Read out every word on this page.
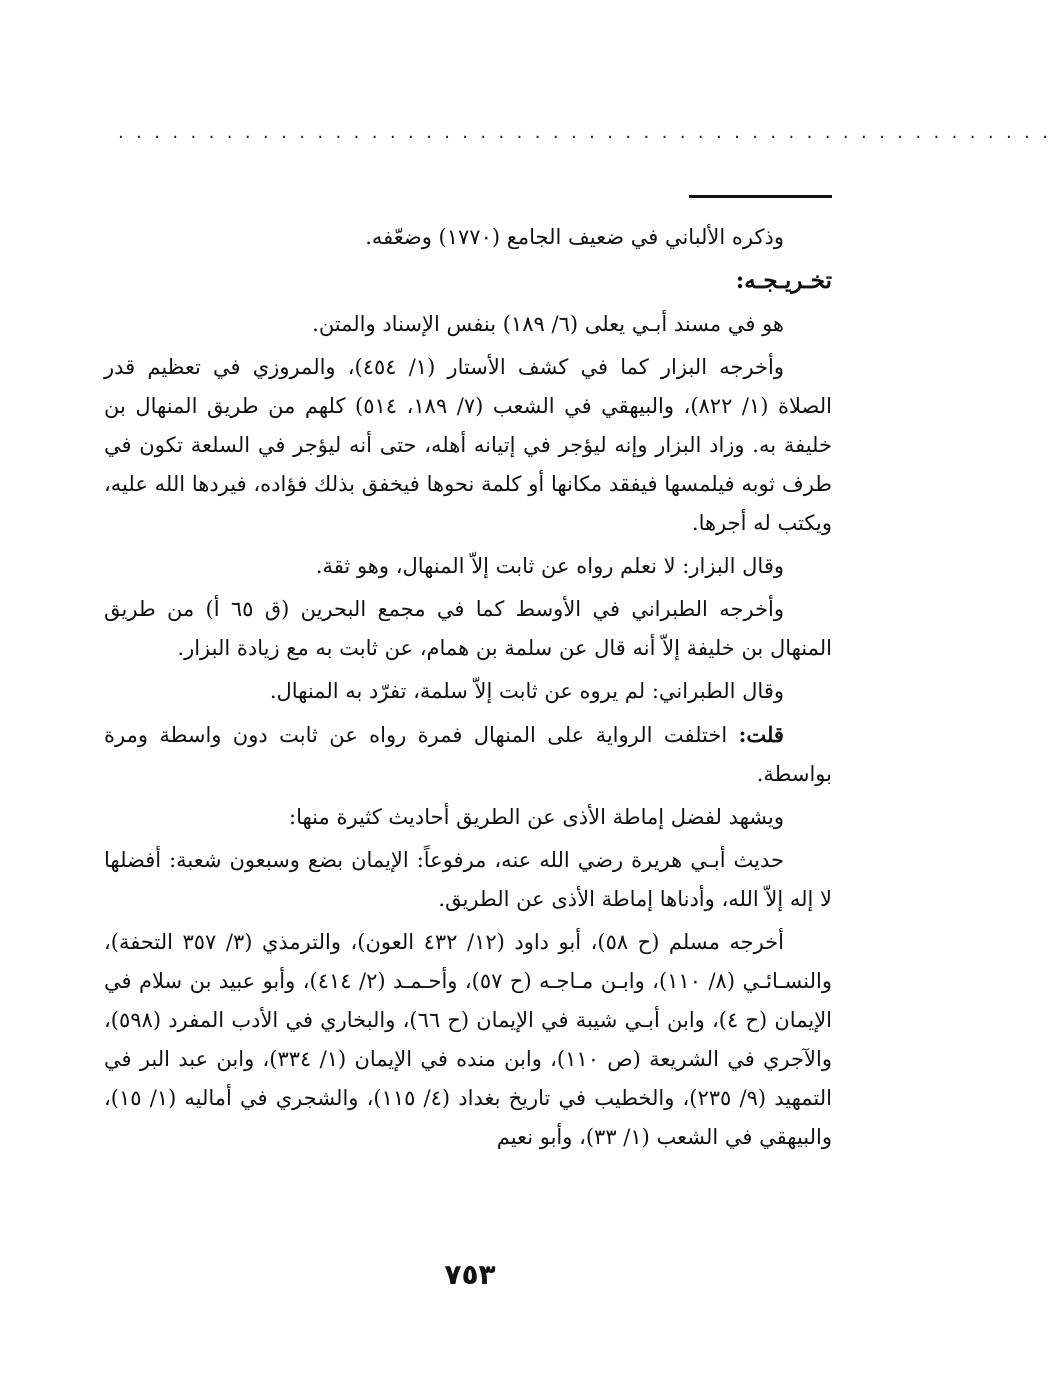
....................................................

وذكره الألباني في ضعيف الجامع (١٧٧٠) وضعّفه.

تخـريـجـه:

هو في مسند أبـي يعلى (٦/ ١٨٩) بنفس الإسناد والمتن.

وأخرجه البزار كما في كشف الأستار (١/ ٤٥٤)، والمروزي في تعظيم قدر الصلاة (١/ ٨٢٢)، والبيهقي في الشعب (٧/ ١٨٩، ٥١٤) كلهم من طريق المنهال بن خليفة به. وزاد البزار وإنه ليؤجر في إتيانه أهله، حتى أنه ليؤجر في السلعة تكون في طرف ثوبه فيلمسها فيفقد مكانها أو كلمة نحوها فيخفق بذلك فؤاده، فيردها الله عليه، ويكتب له أجرها.

وقال البزار: لا نعلم رواه عن ثابت إلاّ المنهال، وهو ثقة.

وأخرجه الطبراني في الأوسط كما في مجمع البحرين (ق ٦٥ أ) من طريق المنهال بن خليفة إلاّ أنه قال عن سلمة بن همام، عن ثابت به مع زيادة البزار.

وقال الطبراني: لم يروه عن ثابت إلاّ سلمة، تفرّد به المنهال.

قلت: اختلفت الرواية على المنهال فمرة رواه عن ثابت دون واسطة ومرة بواسطة.

ويشهد لفضل إماطة الأذى عن الطريق أحاديث كثيرة منها:

حديث أبـي هريرة رضي الله عنه، مرفوعاً: الإيمان بضع وسبعون شعبة: أفضلها لا إله إلاّ الله، وأدناها إماطة الأذى عن الطريق.

أخرجه مسلم (ح ٥٨)، أبو داود (١٢/ ٤٣٢ العون)، والترمذي (٣/ ٣٥٧ التحفة)، والنسـائـي (٨/ ١١٠)، وابـن مـاجـه (ح ٥٧)، وأحـمـد (٢/ ٤١٤)، وأبو عبيد بن سلام في الإيمان (ح ٤)، وابن أبـي شيبة في الإيمان (ح ٦٦)، والبخاري في الأدب المفرد (٥٩٨)، والآجري في الشريعة (ص ١١٠)، وابن منده في الإيمان (١/ ٣٣٤)، وابن عبد البر في التمهيد (٩/ ٢٣٥)، والخطيب في تاريخ بغداد (٤/ ١١٥)، والشجري في أماليه (١/ ١٥)، والبيهقي في الشعب (١/ ٣٣)، وأبو نعيم

٧٥٣
